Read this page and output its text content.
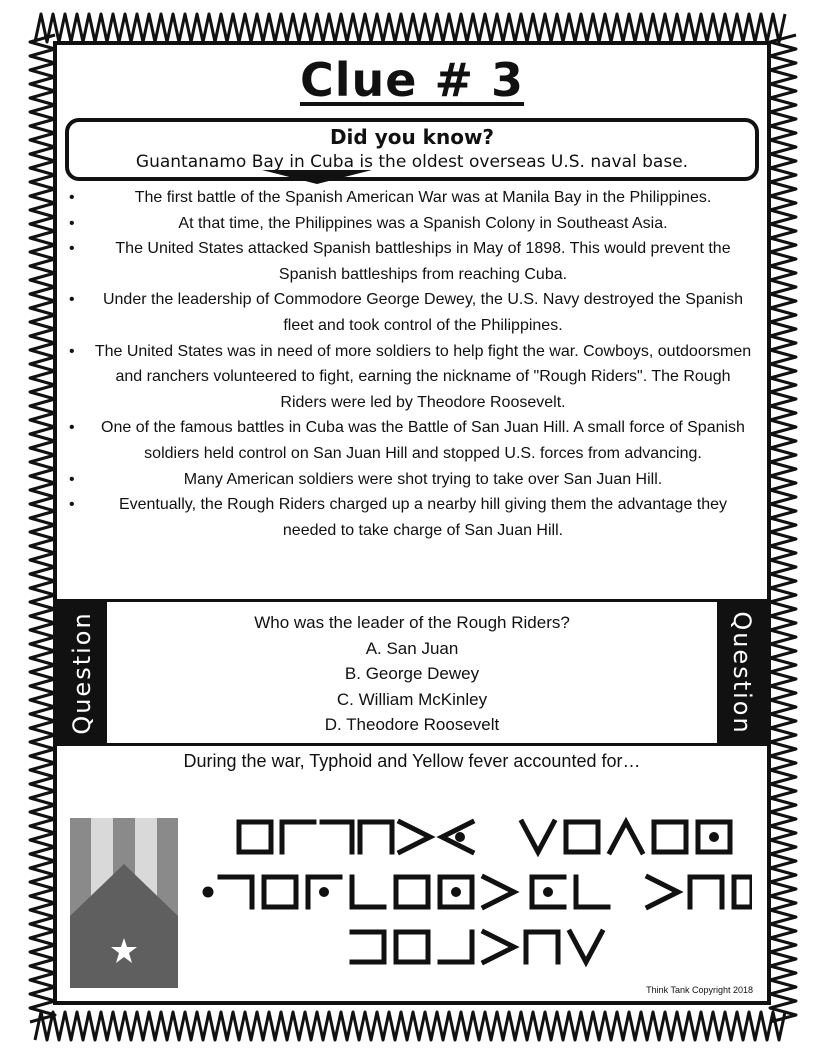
Clue # 3
Did you know?
Guantanamo Bay in Cuba is the oldest overseas U.S. naval base.
• The first battle of the Spanish American War was at Manila Bay in the Philippines.
• At that time, the Philippines was a Spanish Colony in Southeast Asia.
• The United States attacked Spanish battleships in May of 1898. This would prevent the Spanish battleships from reaching Cuba.
• Under the leadership of Commodore George Dewey, the U.S. Navy destroyed the Spanish fleet and took control of the Philippines.
• The United States was in need of more soldiers to help fight the war. Cowboys, outdoorsmen and ranchers volunteered to fight, earning the nickname of "Rough Riders". The Rough Riders were led by Theodore Roosevelt.
• One of the famous battles in Cuba was the Battle of San Juan Hill. A small force of Spanish soldiers held control on San Juan Hill and stopped U.S. forces from advancing.
• Many American soldiers were shot trying to take over San Juan Hill.
• Eventually, the Rough Riders charged up a nearby hill giving them the advantage they needed to take charge of San Juan Hill.
Question	Who was the leader of the Rough Riders?
A. San Juan
B. George Dewey
C. William McKinley
D. Theodore Roosevelt	Question
During the war, Typhoid and Yellow fever accounted for…
Think Tank Copyright 2018
